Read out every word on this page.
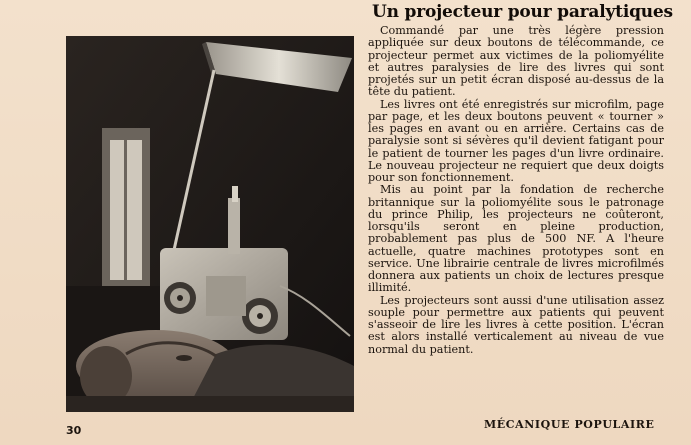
Un projecteur pour paralytiques

Commandé par une très légère pression appliquée sur deux boutons de télécommande, ce projecteur permet aux victimes de la poliomyélite et autres paralysies de lire des livres qui sont projetés sur un petit écran disposé au-dessus de la tête du patient.

Les livres ont été enregistrés sur microfilm, page par page, et les deux boutons peuvent « tourner » les pages en avant ou en arrière. Certains cas de paralysie sont si sévères qu'il devient fatigant pour le patient de tourner les pages d'un livre ordinaire. Le nouveau projecteur ne requiert que deux doigts pour son fonctionnement.

Mis au point par la fondation de recherche britannique sur la poliomyélite sous le patronage du prince Philip, les projecteurs ne coûteront, lorsqu'ils seront en pleine production, probablement pas plus de 500 NF. A l'heure actuelle, quatre machines prototypes sont en service. Une librairie centrale de livres microfilmés donnera aux patients un choix de lectures presque illimité.

Les projecteurs sont aussi d'une utilisation assez souple pour permettre aux patients qui peuvent s'asseoir de lire les livres à cette position. L'écran est alors installé verticalement au niveau de vue normal du patient.

30	MÉCANIQUE POPULAIRE
